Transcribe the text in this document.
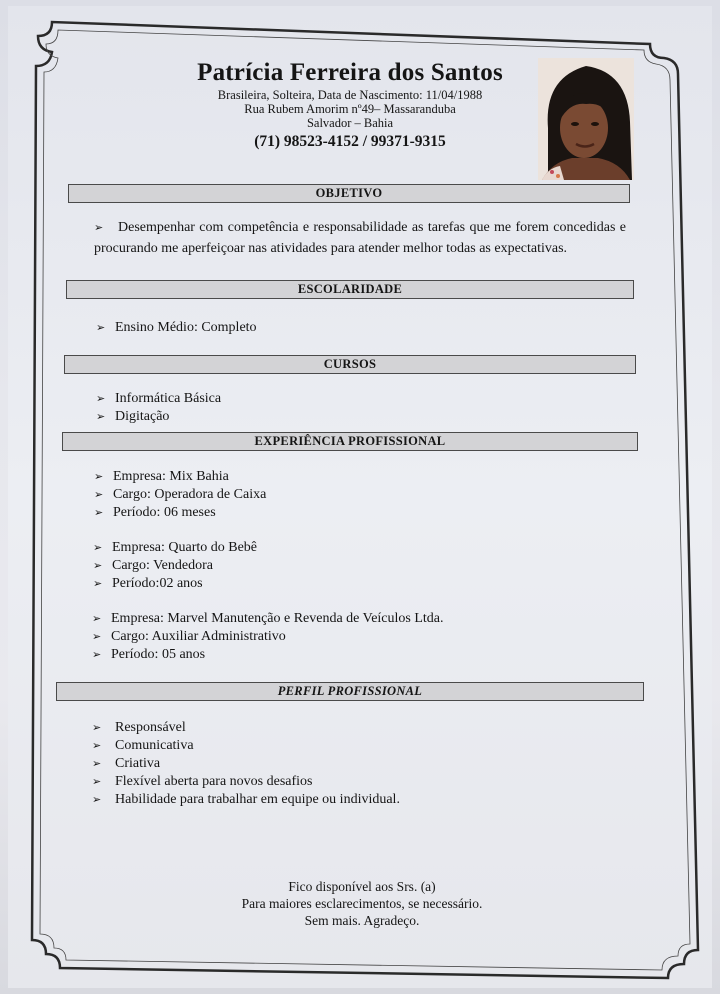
Patrícia Ferreira dos Santos
Brasileira, Solteira, Data de Nascimento: 11/04/1988
Rua Rubem Amorim nº49– Massaranduba
Salvador – Bahia
(71) 98523-4152 / 99371-9315
OBJETIVO
➢ Desempenhar com competência e responsabilidade as tarefas que me forem concedidas e procurando me aperfeiçoar nas atividades para atender melhor todas as expectativas.
ESCOLARIDADE
➢ Ensino Médio: Completo
CURSOS
➢ Informática Básica
➢ Digitação
EXPERIÊNCIA PROFISSIONAL
➢ Empresa: Mix Bahia
➢ Cargo: Operadora de Caixa
➢ Período: 06 meses
➢ Empresa: Quarto do Bebê
➢ Cargo: Vendedora
➢ Período:02 anos
➢ Empresa: Marvel Manutenção e Revenda de Veículos Ltda.
➢ Cargo: Auxiliar Administrativo
➢ Período: 05 anos
PERFIL PROFISSIONAL
➢ Responsável
➢ Comunicativa
➢ Criativa
➢ Flexível aberta para novos desafios
➢ Habilidade para trabalhar em equipe ou individual.
Fico disponível aos Srs. (a)
Para maiores esclarecimentos, se necessário.
Sem mais. Agradeço.
